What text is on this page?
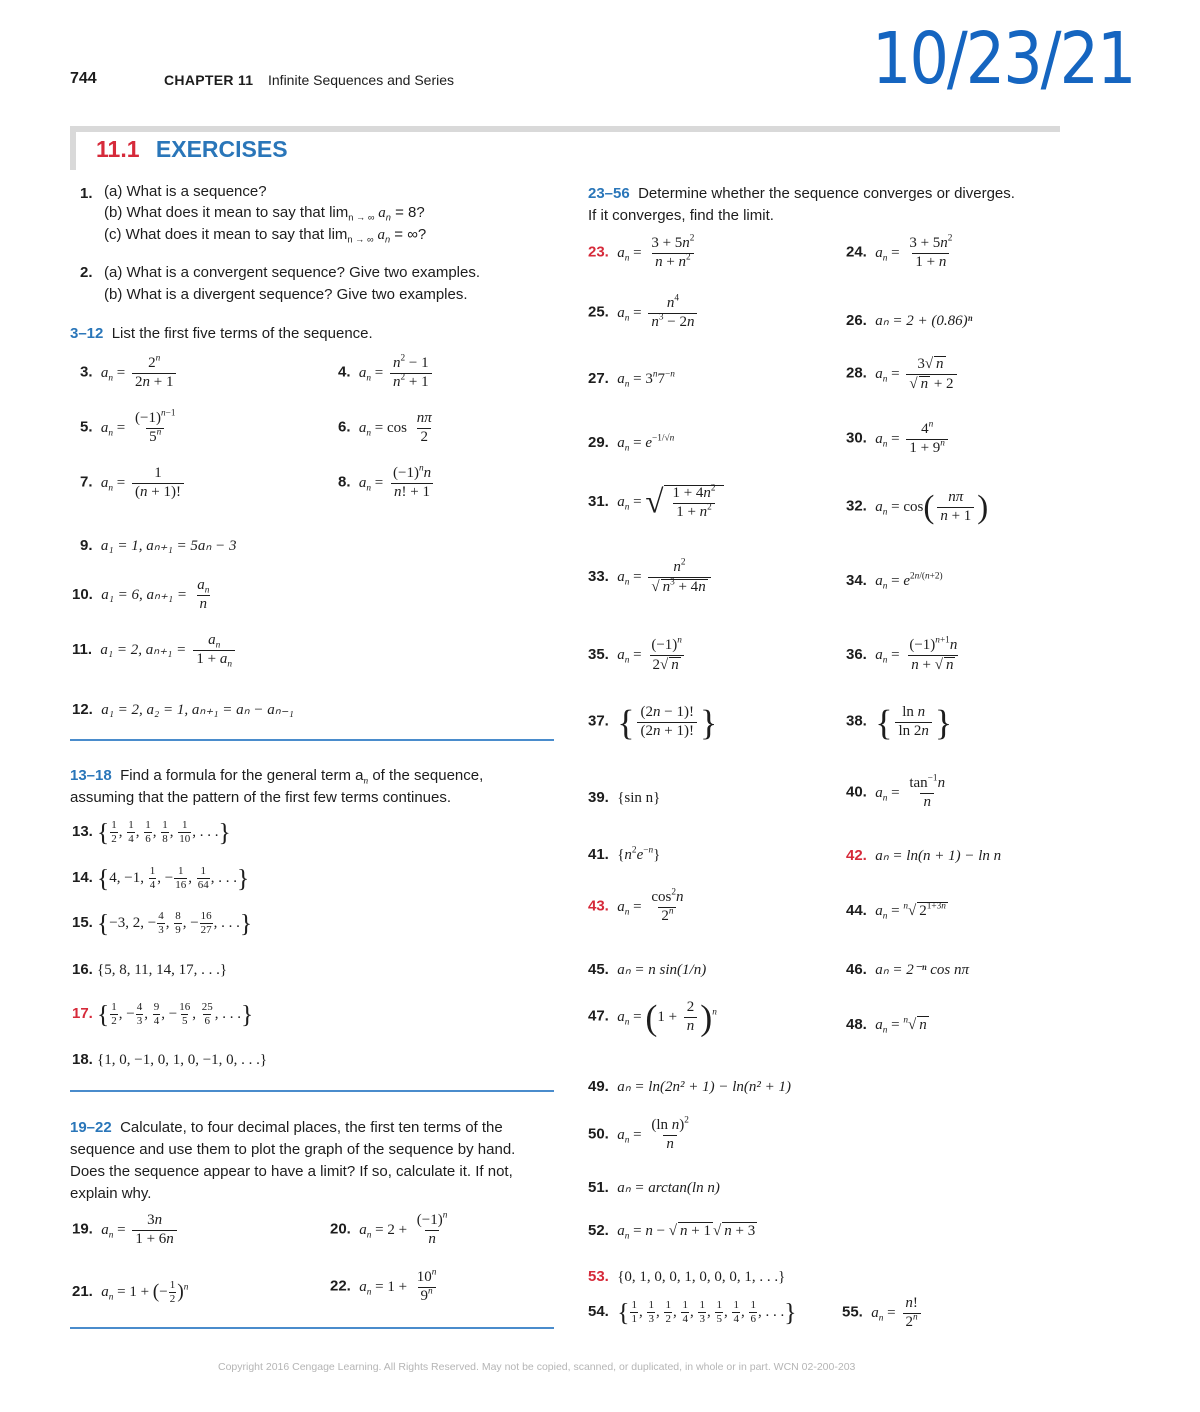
744	CHAPTER 11 Infinite Sequences and Series	10/23/21
11.1 EXERCISES
1. (a) What is a sequence?
(b) What does it mean to say that $\lim_{n \to \infty} a_n = 8$?
(c) What does it mean to say that $\lim_{n \to \infty} a_n$ = ∞?
2. (a) What is a convergent sequence? Give two examples.
(b) What is a divergent sequence? Give two examples.
3–12 List the first five terms of the sequence.
3. $a_n = \frac{2^n}{2n + 1}$	4. $a_n = \frac{n^2 - 1}{n^2 + 1}$
5. $a_n = \frac{(-1)^{n-1}}{5^n}$	6. $a_n = \cos \frac{n\pi}{2}$
7. $a_n = \frac{1}{(n + 1)!}$	8. $a_n = \frac{(-1)^nn}{n! + 1}$
9. a₁ = 1, aₙ₊₁ = 5aₙ − 3
10. a₁ = 6, $a_{n+1} = \frac{a_n}{n}$
11. a₁ = 2, $a_{n+1} = \frac{a_n}{1 + a_n}$
12. a₁ = 2, a₂ = 1, aₙ₊₁ = aₙ − aₙ₋₁
13–18 Find a formula for the general term $a_n$ of the sequence,
assuming that the pattern of the first few terms continues.
13. { $\frac{1}{2}$ , $\frac{1}{4}$ , $\frac{1}{6}$ , $\frac{1}{8}$ , $\frac{1}{10}$ , . . .}
14. {4, −1, $\frac{1}{4}$ , − $\frac{1}{16}$ , $\frac{1}{64}$ , . . .}
15. {−3, 2, − $\frac{4}{3}$ , $\frac{8}{9}$ , − $\frac{16}{27}$ , . . .}
16. {5, 8, 11, 14, 17, . . .}
17. { $\frac{1}{2}$ , − $\frac{4}{3}$ , $\frac{9}{4}$ , − $\frac{16}{5}$ , $\frac{25}{6}$ , . . .}
18. {1, 0, −1, 0, 1, 0, −1, 0, . . .}
19–22 Calculate, to four decimal places, the first ten terms of the
sequence and use them to plot the graph of the sequence by hand.
Does the sequence appear to have a limit? If so, calculate it. If not,
explain why.
19. $a_n = \frac{3n}{1 + 6n}$	20. $a_n = 2 + \frac{(-1)^n}{n}$
21. $a_n = 1$ + (− $\frac{1}{2} )^n$	22. $a_n = 1 + \frac{10^n}{9^n}$
23–56 Determine whether the sequence converges or diverges.
If it converges, find the limit.
23. $a_n = \frac{3 + 5n^2}{n + n^2}$	24. $a_n = \frac{3 + 5n^2}{1 + n}$
25. $a_n = \frac{n^4}{n^3 - 2n}$	26. aₙ = 2 + (0.86)ⁿ
27. $a_n = 3^n7^{-n}$	28. $a_n = \frac{3√ n}{√ n + 2}$
29. $a_n = e^{-1/√n}$	30. $a_n = \frac{4^n}{1 + 9^n}$
31. $a_n$ = √ $\frac{1 + 4n^2}{1 + n^2}$	32. $a_n = \cos( \frac{n\pi}{n + 1}$ )
33. $a_n = \frac{n^2}{√ n^3 + 4n}$	34. $a_n = e^{2n/(n+2)}$
35. $a_n = \frac{(-1)^n}{2√ n}$	36. $a_n = \frac{(-1)^{n+1}n}{n + √ n}$
37. { $\frac{(2n - 1)!}{(2n + 1)!}$ }	38. { $\frac{\text{ln n}}{\ln 2n}$ }
39. {sin n}	40. $a_n = \frac{\tan^{-1}n}{n}$
41. $\{n^2e^{-n}\}$	42. aₙ = ln(n + 1) − ln n
43. $a_n = \frac{\cos^2n}{2^n}$	44. $a_n = ^n√$ $2^{1+3n}$
45. aₙ = n sin(1/n)	46. aₙ = 2⁻ⁿ cos nπ
47. $a_n = (1 + \frac{2}{n} )^n$
48. $a_n = ^n√$ n
49. aₙ = ln(2n² + 1) − ln(n² + 1)
50. $a_n = \frac{(\ln n)^2}{n}$
51. aₙ = arctan(ln n)
52. $a_n = n$ − √ n + 1 √ n + 3
53. {0, 1, 0, 0, 1, 0, 0, 0, 1, . . .}
54. { $\frac{1}{1}$ , $\frac{1}{3}$ , $\frac{1}{2}$ , $\frac{1}{4}$ , $\frac{1}{3}$ , $\frac{1}{5}$ , $\frac{1}{4}$ , $\frac{1}{6}$ , . . .}	55. $a_n = \frac{n!}{2^n}$
Copyright 2016 Cengage Learning. All Rights Reserved. May not be copied, scanned, or duplicated, in whole or in part. WCN 02-200-203
